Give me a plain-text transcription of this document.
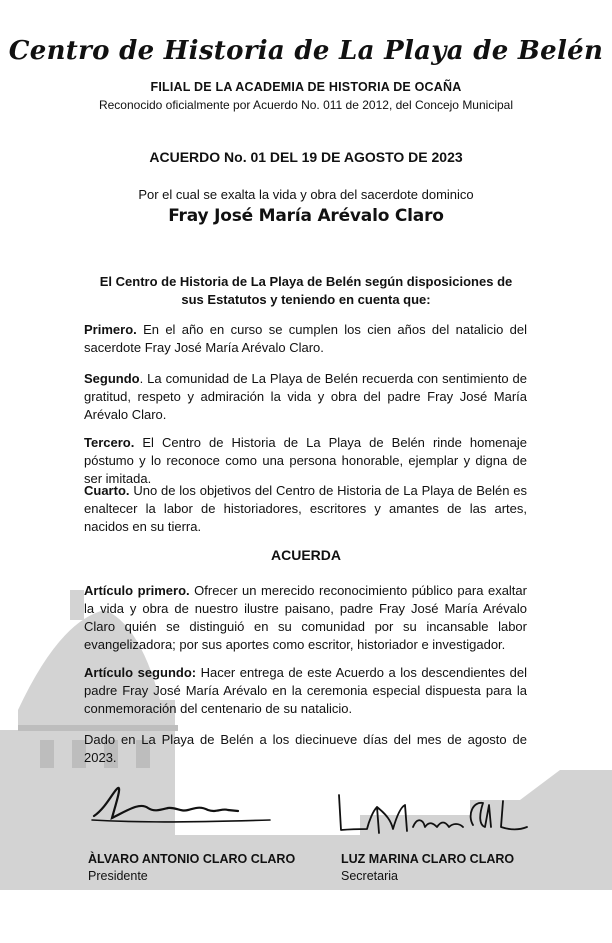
Centro de Historia de La Playa de Belén
FILIAL DE LA ACADEMIA DE HISTORIA DE OCAÑA
Reconocido oficialmente por Acuerdo No. 011 de 2012, del Concejo Municipal
ACUERDO No. 01 DEL 19 DE AGOSTO DE 2023
Por el cual se exalta la vida y obra del sacerdote dominico
Fray José María Arévalo Claro
El Centro de Historia de La Playa de Belén según disposiciones de sus Estatutos y teniendo en cuenta que:
Primero. En el año en curso se cumplen los cien años del natalicio del sacerdote Fray José María Arévalo Claro.
Segundo. La comunidad de La Playa de Belén recuerda con sentimiento de gratitud, respeto y admiración la vida y obra del padre Fray José María Arévalo Claro.
Tercero. El Centro de Historia de La Playa de Belén rinde homenaje póstumo y lo reconoce como una persona honorable, ejemplar y digna de ser imitada.
Cuarto. Uno de los objetivos del Centro de Historia de La Playa de Belén es enaltecer la labor de historiadores, escritores y amantes de las artes, nacidos en su tierra.
ACUERDA
Artículo primero. Ofrecer un merecido reconocimiento público para exaltar la vida y obra de nuestro ilustre paisano, padre Fray José María Arévalo Claro quién se distinguió en su comunidad por su incansable labor evangelizadora; por sus aportes como escritor, historiador e investigador.
Artículo segundo: Hacer entrega de este Acuerdo a los descendientes del padre Fray José María Arévalo en la ceremonia especial dispuesta para la conmemoración del centenario de su natalicio.
Dado en La Playa de Belén a los diecinueve días del mes de agosto de 2023.
ÀLVARO ANTONIO CLARO CLARO
Presidente
LUZ MARINA CLARO CLARO
Secretaria
